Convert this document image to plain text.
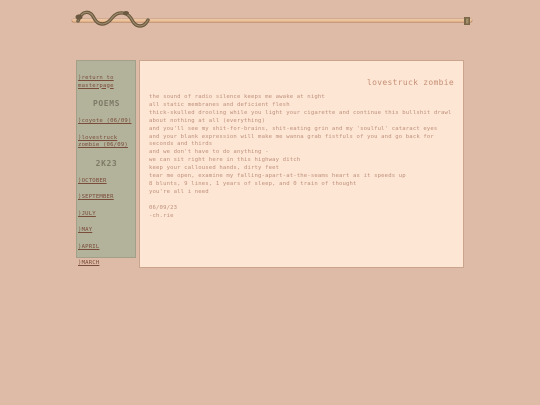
⟩return to masterpage
POEMS
⟩coyote (06/09)
⟩lovestruck zombie (06/09)
2K23
⟩OCTOBER
⟩SEPTEMBER
⟩JULY
⟩MAY
⟩APRIL
⟩MARCH
lovestruck zombie
the sound of radio silence keeps me awake at night
all static membranes and deficient flesh
thick-skulled drooling while you light your cigarette and continue this bullshit drawl about nothing at all (everything)
and you'll see my shit-for-brains, shit-eating grin and my 'soulful' cataract eyes
and your blank expression will make me wanna grab fistfuls of you and go back for seconds and thirds
and we don't have to do anything -
we can sit right here in this highway ditch
keep your calloused hands, dirty feet
tear me open, examine my falling-apart-at-the-seams heart as it speeds up
8 blunts, 9 lines, 1 years of sleep, and 0 train of thought
you're all i need
06/09/23
-ch.rie
